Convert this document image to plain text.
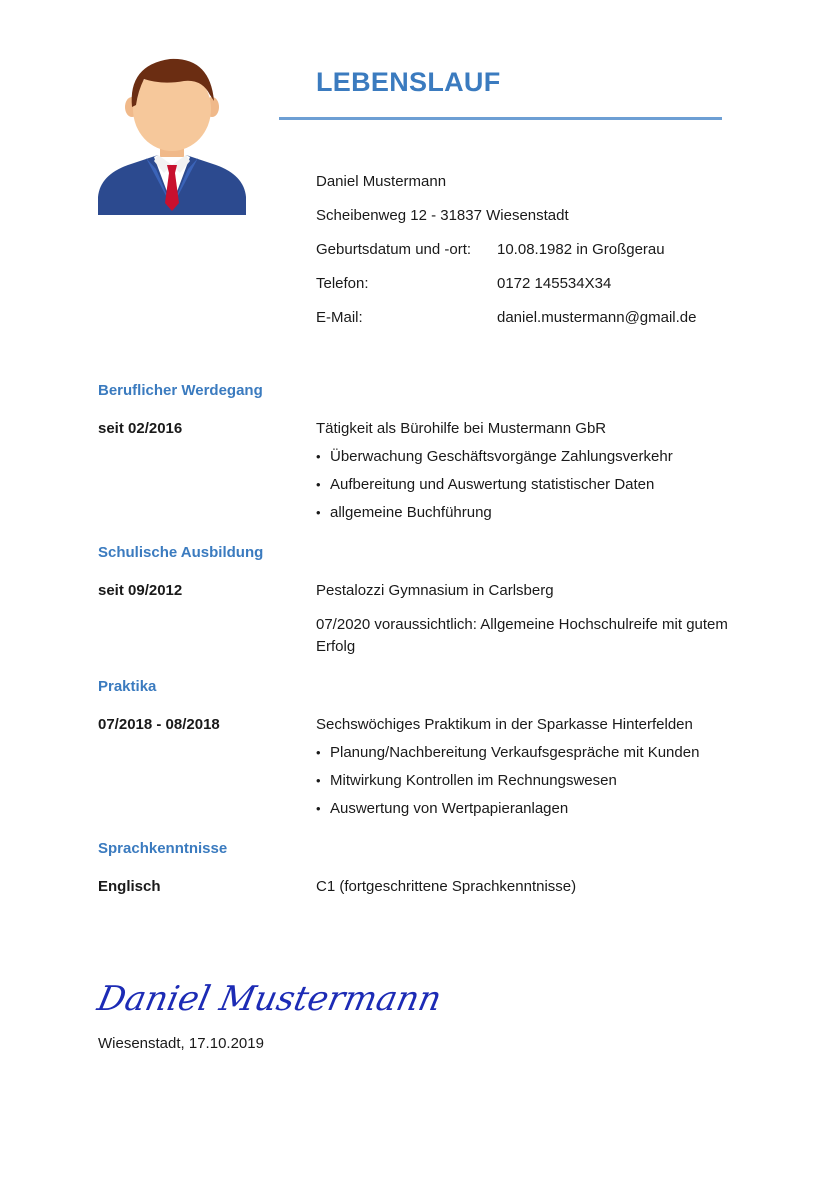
LEBENSLAUF
Daniel Mustermann
Scheibenweg 12 - 31837 Wiesenstadt
Geburtsdatum und -ort: 10.08.1982 in Großgerau
Telefon:	0172 145534X34
E-Mail:	daniel.mustermann@gmail.de
Beruflicher Werdegang
seit 02/2016	Tätigkeit als Bürohilfe bei Mustermann GbR
• Überwachung Geschäftsvorgänge Zahlungsverkehr
• Aufbereitung und Auswertung statistischer Daten
• allgemeine Buchführung
Schulische Ausbildung
seit 09/2012	Pestalozzi Gymnasium in Carlsberg
07/2020 voraussichtlich: Allgemeine Hochschulreife mit gutem Erfolg
Praktika
07/2018 - 08/2018	Sechswöchiges Praktikum in der Sparkasse Hinterfelden
• Planung/Nachbereitung Verkaufsgespräche mit Kunden
• Mitwirkung Kontrollen im Rechnungswesen
• Auswertung von Wertpapieranlagen
Sprachkenntnisse
Englisch	C1 (fortgeschrittene Sprachkenntnisse)
Daniel Mustermann
Wiesenstadt, 17.10.2019
